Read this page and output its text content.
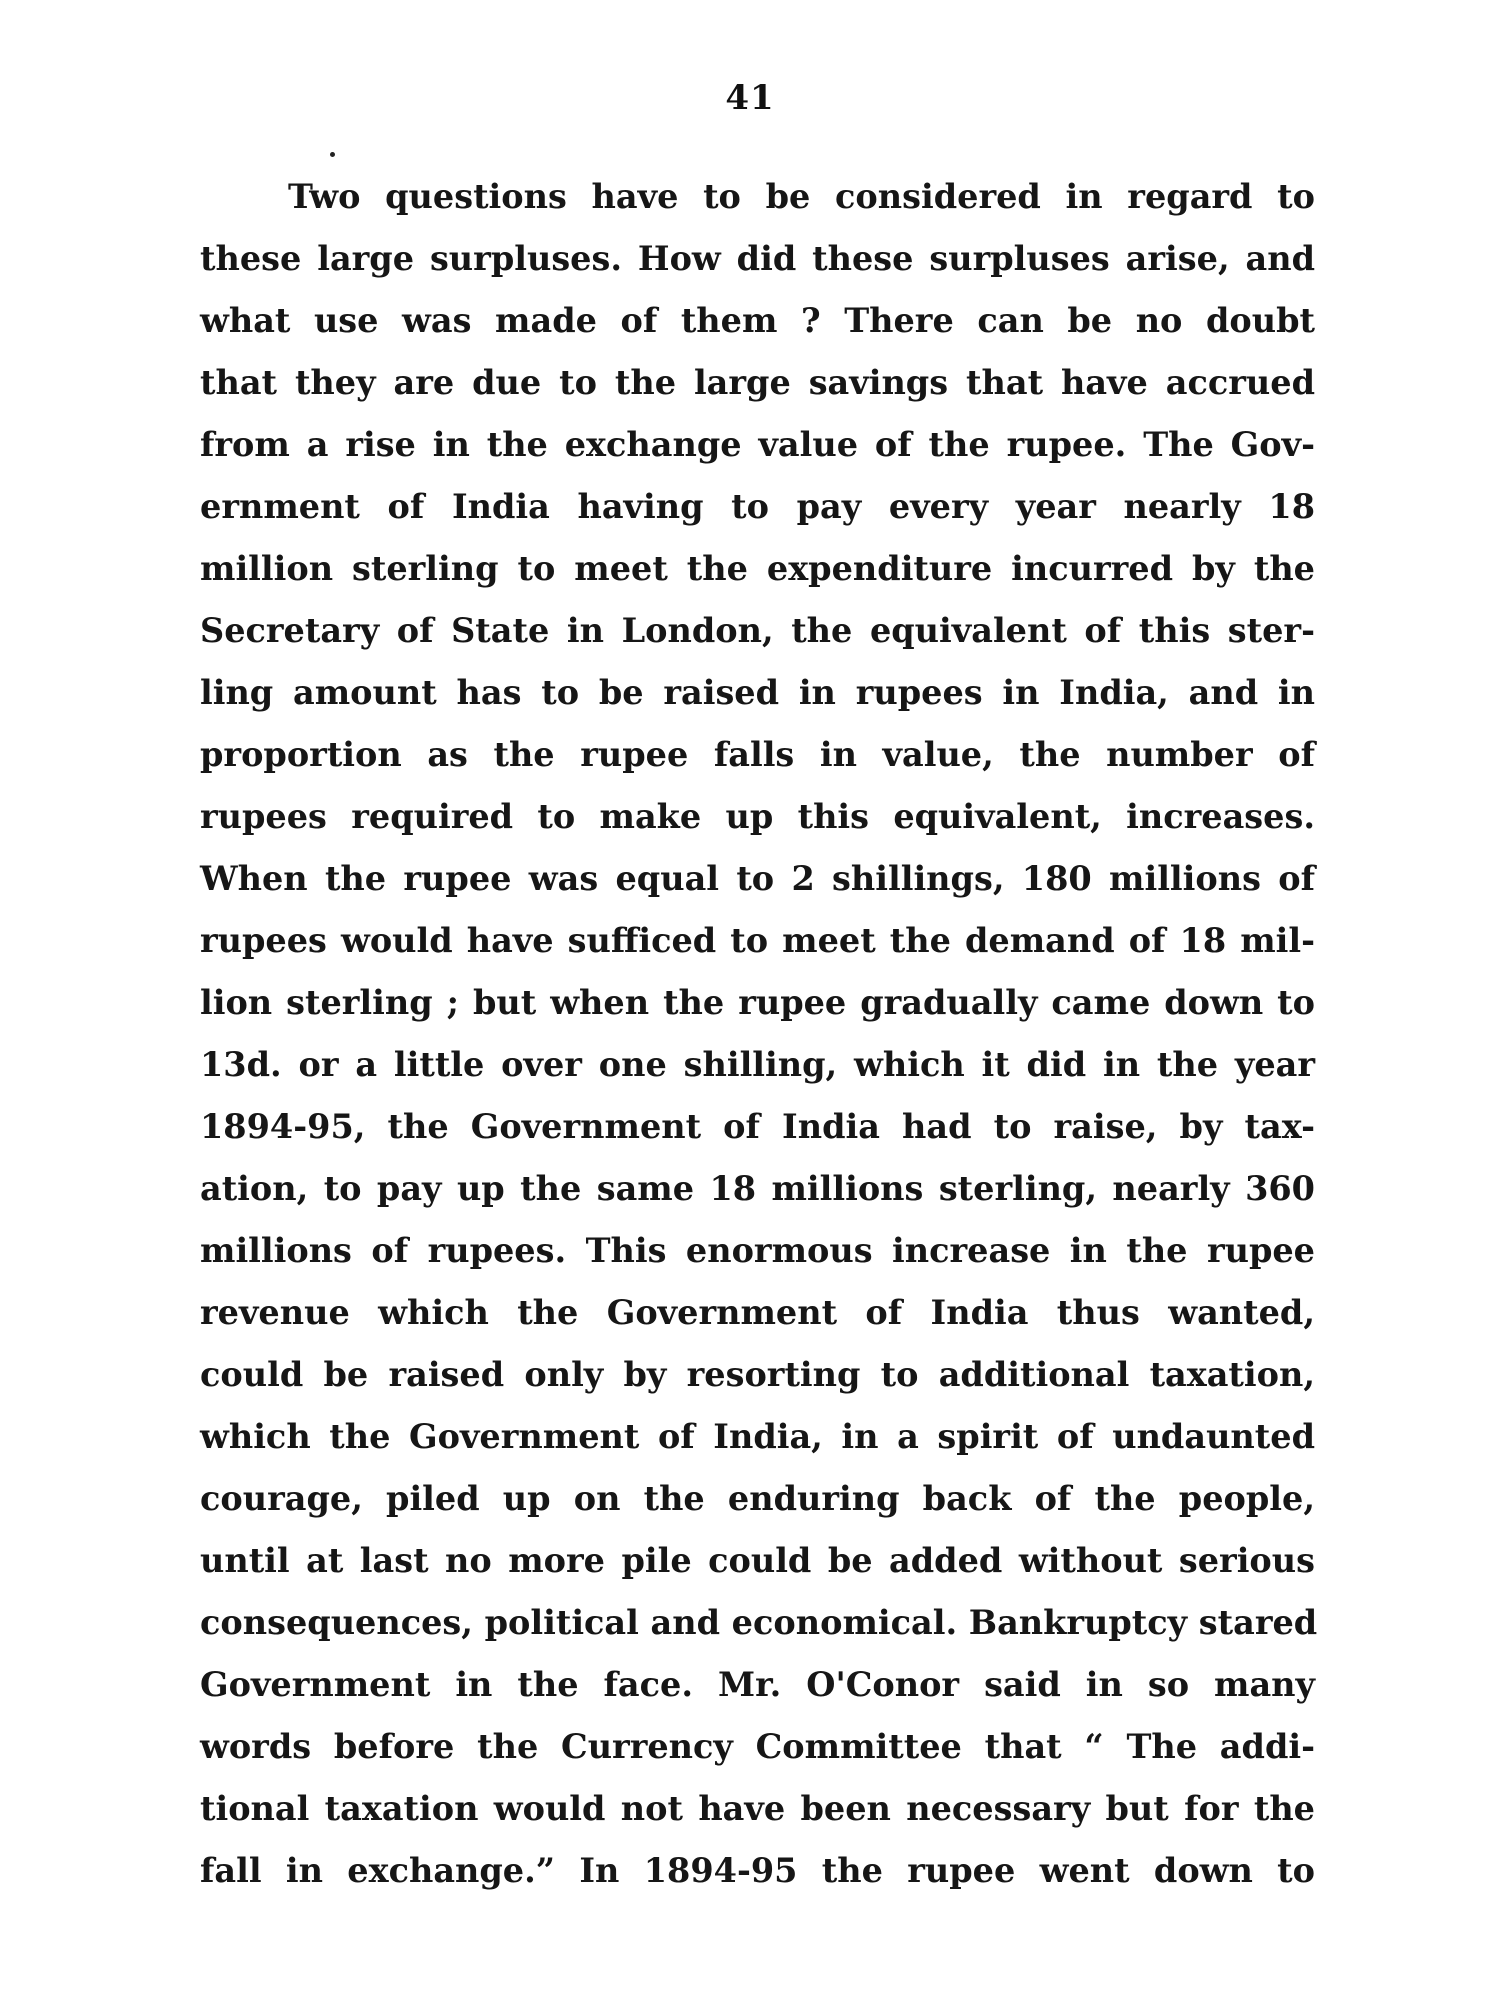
41
Two questions have to be considered in regard to
these large surpluses. How did these surpluses arise, and
what use was made of them ? There can be no doubt
that they are due to the large savings that have accrued
from a rise in the exchange value of the rupee. The Gov-
ernment of India having to pay every year nearly 18
million sterling to meet the expenditure incurred by the
Secretary of State in London, the equivalent of this ster-
ling amount has to be raised in rupees in India, and in
proportion as the rupee falls in value, the number of
rupees required to make up this equivalent, increases.
When the rupee was equal to 2 shillings, 180 millions of
rupees would have sufficed to meet the demand of 18 mil-
lion sterling ; but when the rupee gradually came down to
13d. or a little over one shilling, which it did in the year
1894-95, the Government of India had to raise, by tax-
ation, to pay up the same 18 millions sterling, nearly 360
millions of rupees. This enormous increase in the rupee
revenue which the Government of India thus wanted,
could be raised only by resorting to additional taxation,
which the Government of India, in a spirit of undaunted
courage, piled up on the enduring back of the people,
until at last no more pile could be added without serious
consequences, political and economical. Bankruptcy stared
Government in the face. Mr. O'Conor said in so many
words before the Currency Committee that “ The addi-
tional taxation would not have been necessary but for the
fall in exchange.” In 1894-95 the rupee went down to
